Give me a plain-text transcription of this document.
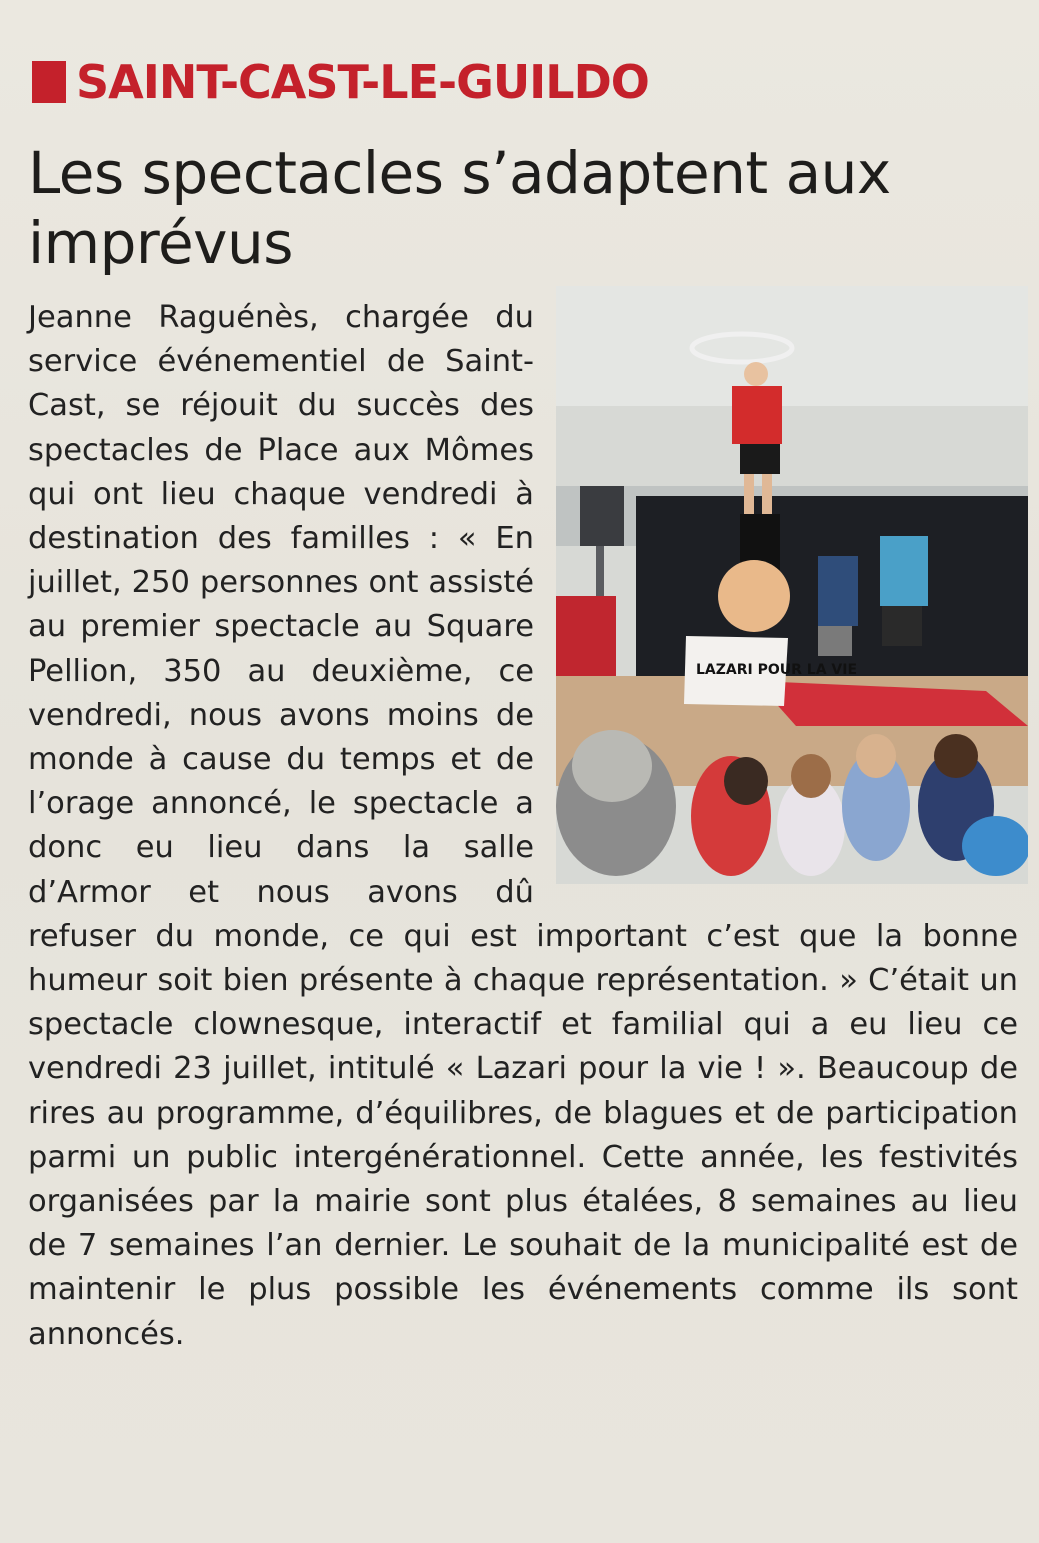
SAINT-CAST-LE-GUILDO
Les spectacles s’adaptent aux imprévus
LAZARI POUR LA VIE
Jeanne Raguénès, chargée du service événementiel de Saint-Cast, se réjouit du succès des spectacles de Place aux Mômes qui ont lieu chaque vendredi à destination des familles : « En juillet, 250 personnes ont assisté au premier spectacle au Square Pellion, 350 au deuxième, ce vendredi, nous avons moins de monde à cause du temps et de l’orage annoncé, le spectacle a donc eu lieu dans la salle d’Armor et nous avons dû refuser du monde, ce qui est important c’est que la bonne humeur soit bien présente à chaque représentation. » C’était un spectacle clownesque, interactif et familial qui a eu lieu ce vendredi 23 juillet, intitulé « Lazari pour la vie ! ». Beaucoup de rires au programme, d’équilibres, de blagues et de participation parmi un public intergénérationnel. Cette année, les festivités organisées par la mairie sont plus étalées, 8 semaines au lieu de 7 semaines l’an dernier. Le souhait de la municipalité est de maintenir le plus possible les événements comme ils sont annoncés.
